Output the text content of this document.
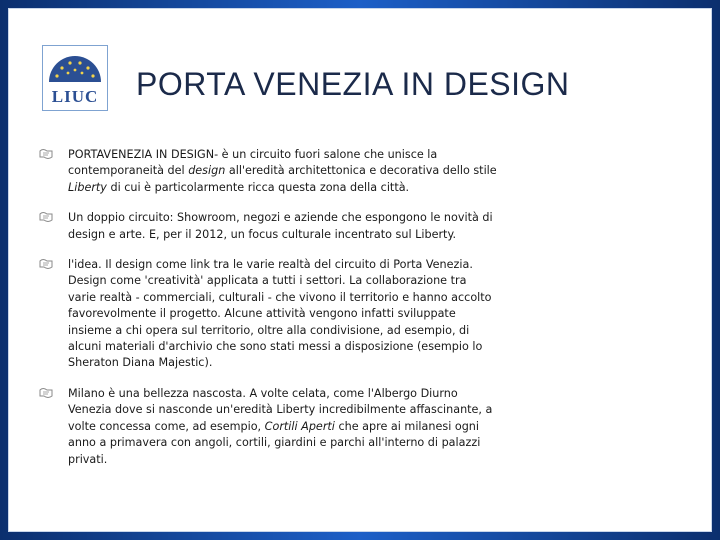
LIUC PORTA VENEZIA IN DESIGN

PORTAVENEZIA IN DESIGN- è un circuito fuori salone che unisce la contemporaneità del design all'eredità architettonica e decorativa dello stile Liberty di cui è particolarmente ricca questa zona della città.

Un doppio circuito: Showroom, negozi e aziende che espongono le novità di design e arte. E, per il 2012, un focus culturale incentrato sul Liberty.

l'idea. Il design come link tra le varie realtà del circuito di Porta Venezia. Design come 'creatività' applicata a tutti i settori. La collaborazione tra varie realtà - commerciali, culturali - che vivono il territorio e hanno accolto favorevolmente il progetto. Alcune attività vengono infatti sviluppate insieme a chi opera sul territorio, oltre alla condivisione, ad esempio, di alcuni materiali d'archivio che sono stati messi a disposizione (esempio lo Sheraton Diana Majestic).

Milano è una bellezza nascosta. A volte celata, come l'Albergo Diurno Venezia dove si nasconde un'eredità Liberty incredibilmente affascinante, a volte concessa come, ad esempio, Cortili Aperti che apre ai milanesi ogni anno a primavera con angoli, cortili, giardini e parchi all'interno di palazzi privati.
